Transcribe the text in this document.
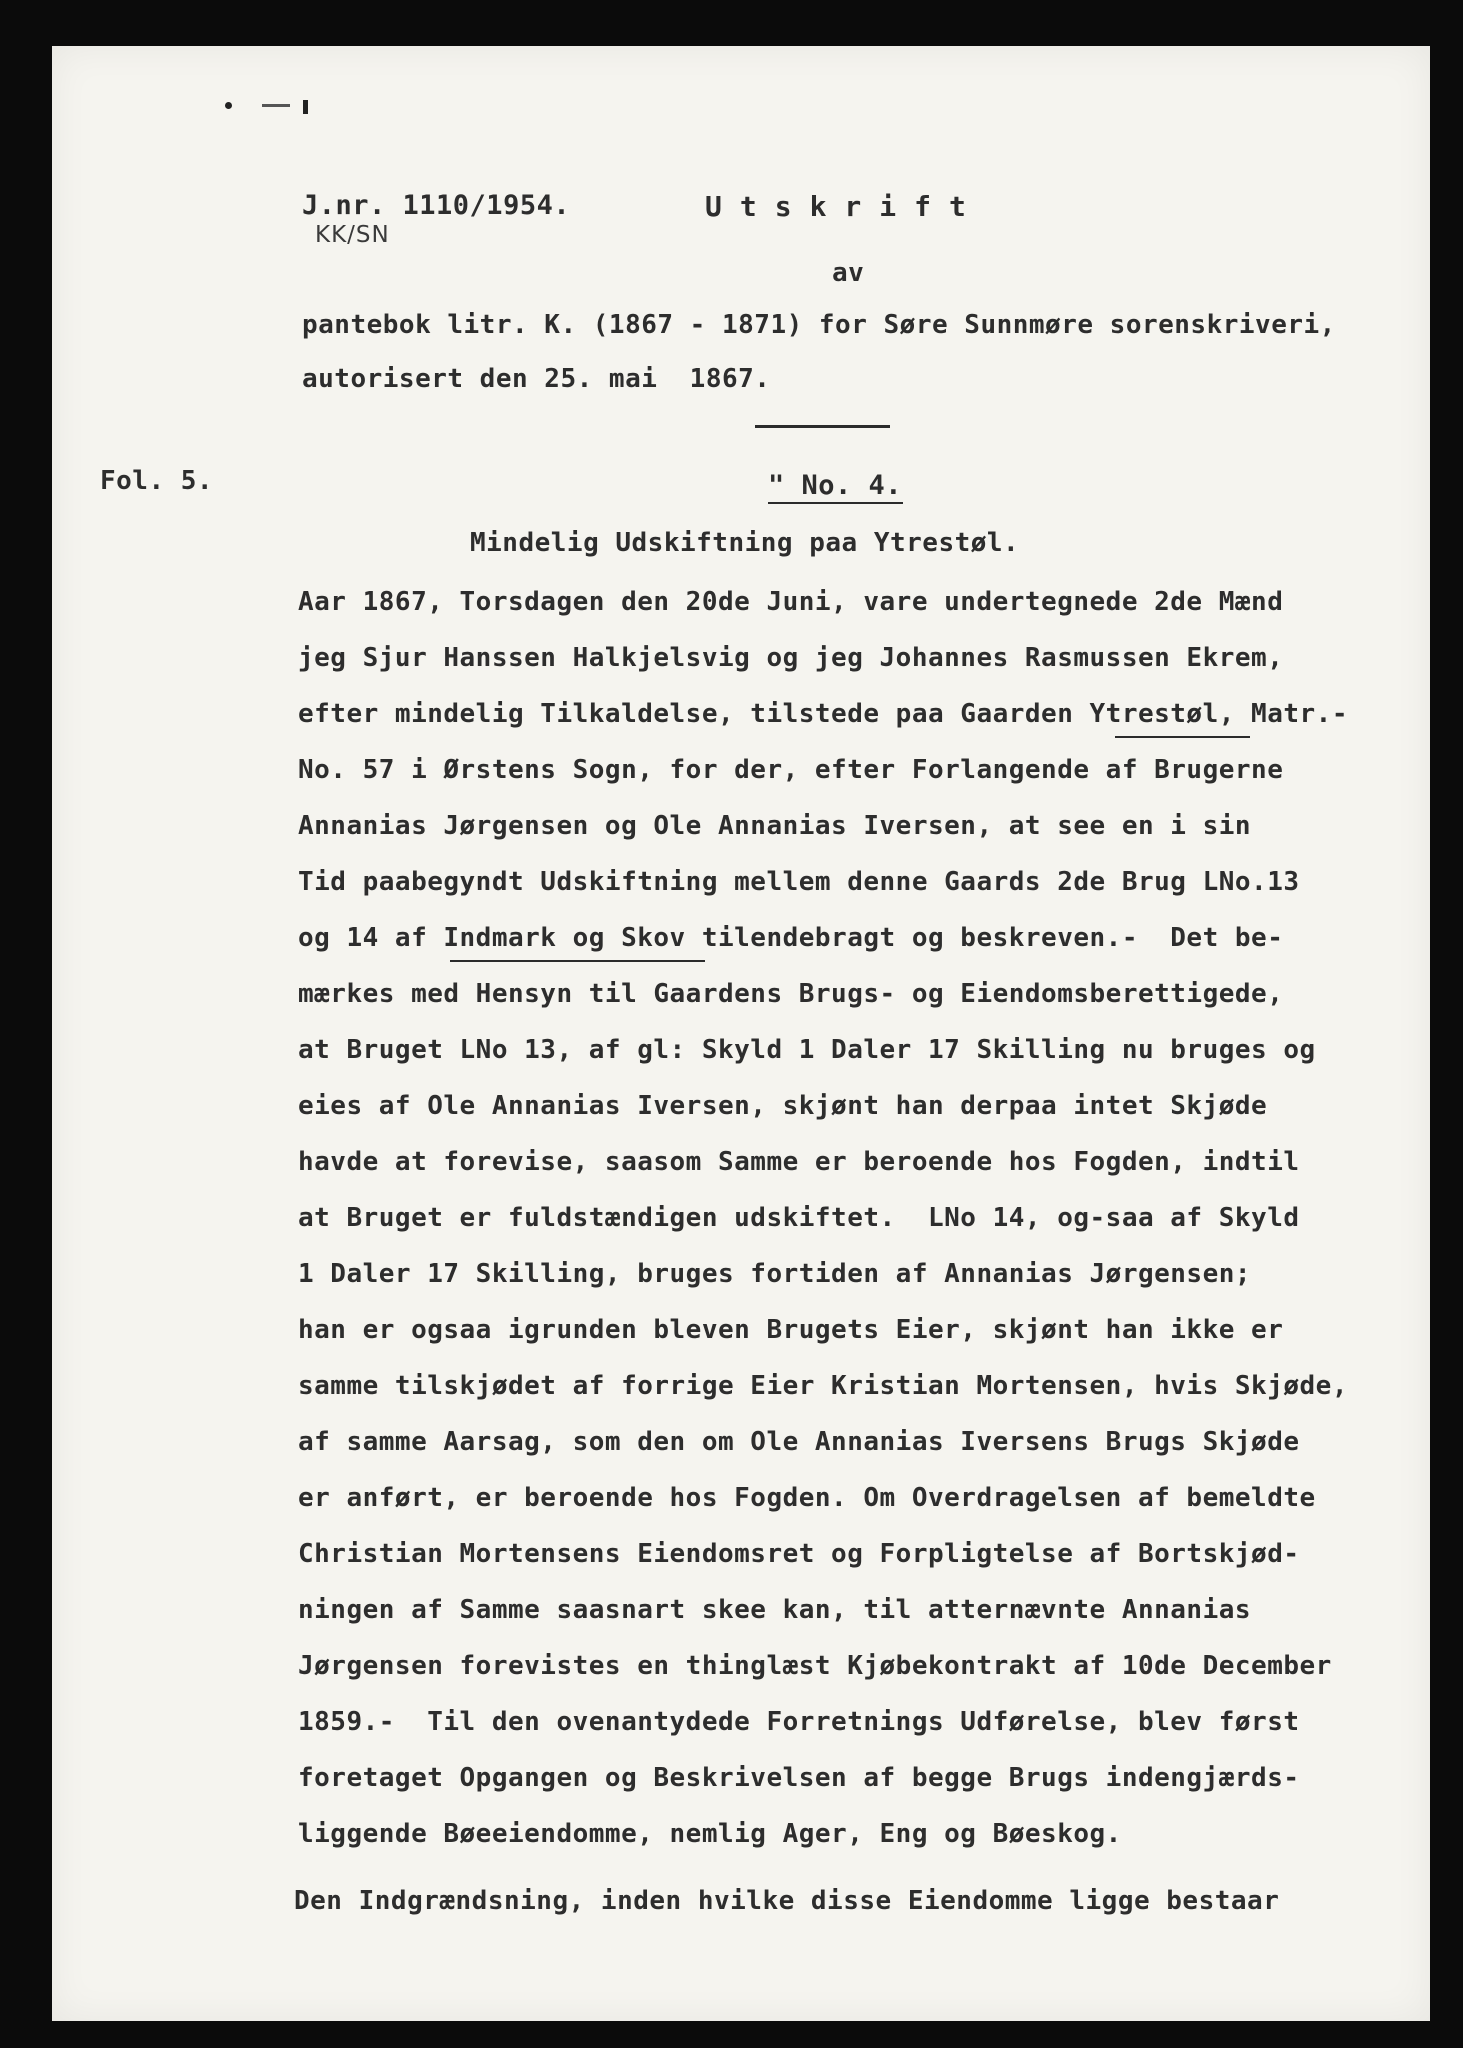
J.nr. 1110/1954.
KK/SN
Utskrift
av
pantebok litr. K. (1867 - 1871) for Søre Sunnmøre sorenskriveri,
autorisert den 25. mai  1867.
Fol. 5.	" No. 4.
Mindelig Udskiftning paa Ytrestøl.
Aar 1867, Torsdagen den 20de Juni, vare undertegnede 2de Mænd
jeg Sjur Hanssen Halkjelsvig og jeg Johannes Rasmussen Ekrem,
efter mindelig Tilkaldelse, tilstede paa Gaarden Ytrestøl, Matr.-
No. 57 i Ørstens Sogn, for der, efter Forlangende af Brugerne
Annanias Jørgensen og Ole Annanias Iversen, at see en i sin
Tid paabegyndt Udskiftning mellem denne Gaards 2de Brug LNo.13
og 14 af Indmark og Skov tilendebragt og beskreven.-  Det be-
mærkes med Hensyn til Gaardens Brugs- og Eiendomsberettigede,
at Bruget LNo 13, af gl: Skyld 1 Daler 17 Skilling nu bruges og
eies af Ole Annanias Iversen, skjønt han derpaa intet Skjøde
havde at forevise, saasom Samme er beroende hos Fogden, indtil
at Bruget er fuldstændigen udskiftet.  LNo 14, og-saa af Skyld
1 Daler 17 Skilling, bruges fortiden af Annanias Jørgensen;
han er ogsaa igrunden bleven Brugets Eier, skjønt han ikke er
samme tilskjødet af forrige Eier Kristian Mortensen, hvis Skjøde,
af samme Aarsag, som den om Ole Annanias Iversens Brugs Skjøde
er anført, er beroende hos Fogden. Om Overdragelsen af bemeldte
Christian Mortensens Eiendomsret og Forpligtelse af Bortskjød-
ningen af Samme saasnart skee kan, til atternævnte Annanias
Jørgensen forevistes en thinglæst Kjøbekontrakt af 10de December
1859.-  Til den ovenantydede Forretnings Udførelse, blev først
foretaget Opgangen og Beskrivelsen af begge Brugs indengjærds-
liggende Bøeeiendomme, nemlig Ager, Eng og Bøeskog.
Den Indgrændsning, inden hvilke disse Eiendomme ligge bestaar
